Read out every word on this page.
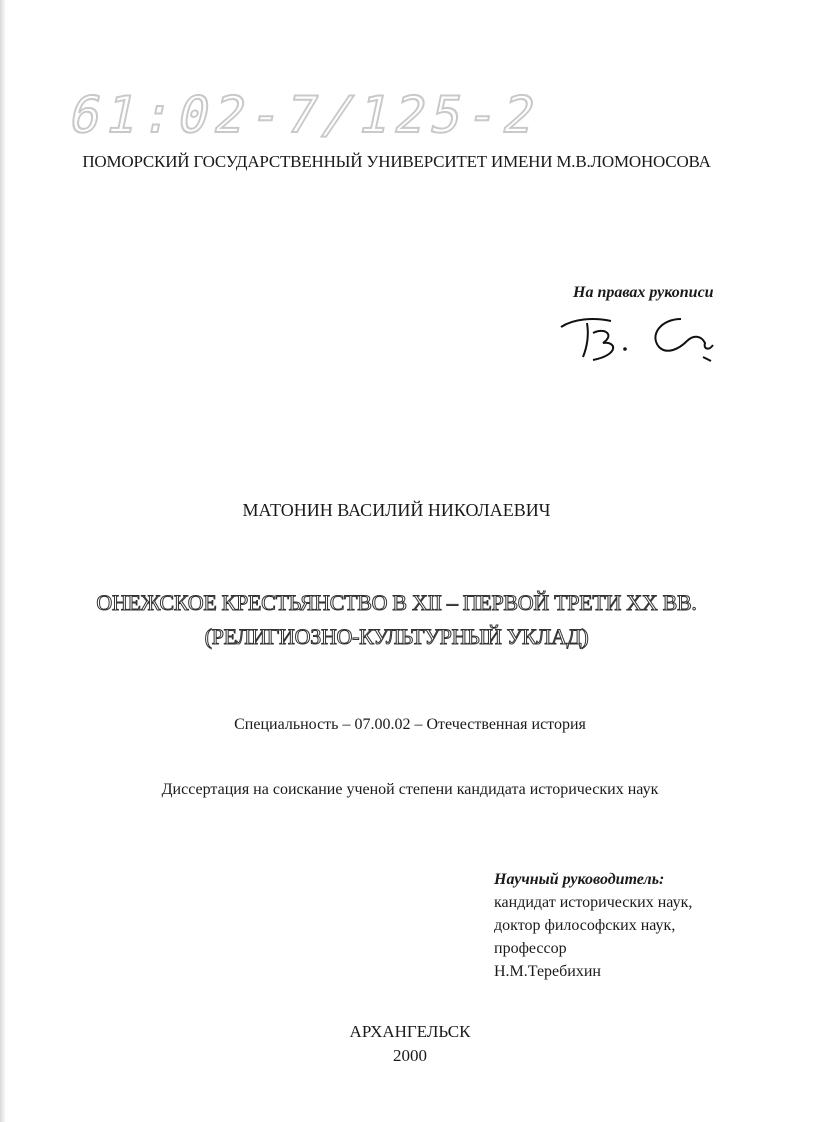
61:02-7/125-2
ПОМОРСКИЙ ГОСУДАРСТВЕННЫЙ УНИВЕРСИТЕТ ИМЕНИ М.В.ЛОМОНОСОВА
На правах рукописи
МАТОНИН ВАСИЛИЙ НИКОЛАЕВИЧ
ОНЕЖСКОЕ КРЕСТЬЯНСТВО В XII – ПЕРВОЙ ТРЕТИ XX ВВ.
(РЕЛИГИОЗНО-КУЛЬТУРНЫЙ УКЛАД)
Специальность – 07.00.02 – Отечественная история
Диссертация на соискание ученой степени кандидата исторических наук
Научный руководитель:
кандидат исторических наук,
доктор философских наук,
профессор
Н.М.Теребихин
АРХАНГЕЛЬСК
2000
